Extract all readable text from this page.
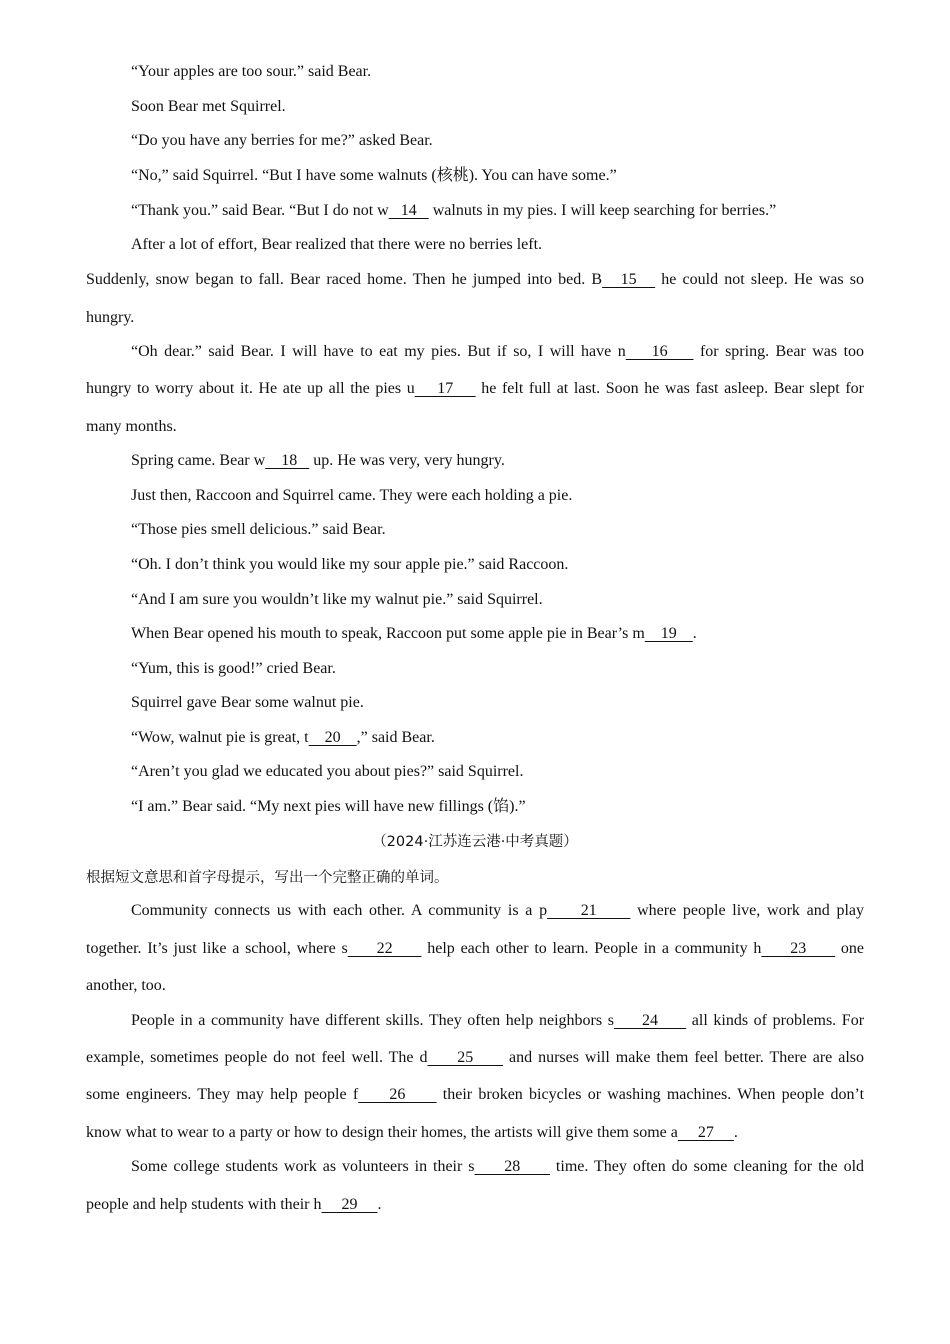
“Your apples are too sour.” said Bear.
Soon Bear met Squirrel.
“Do you have any berries for me?” asked Bear.
“No,” said Squirrel. “But I have some walnuts (核桃). You can have some.”
“Thank you.” said Bear. “But I do not w   14    walnuts in my pies. I will keep searching for berries.”
After a lot of effort, Bear realized that there were no berries left.
Suddenly, snow began to fall. Bear raced home. Then he jumped into bed. B   15    he could not sleep. He was so
hungry.
“Oh dear.” said Bear. I will have to eat my pies. But if so, I will have n    16     for spring. Bear was too
hungry to worry about it. He ate up all the pies u    17     he felt full at last. Soon he was fast asleep. Bear slept for
many months.
Spring came. Bear w    18    up. He was very, very hungry.
Just then, Raccoon and Squirrel came. They were each holding a pie.
“Those pies smell delicious.” said Bear.
“Oh. I don’t think you would like my sour apple pie.” said Raccoon.
“And I am sure you wouldn’t like my walnut pie.” said Squirrel.
When Bear opened his mouth to speak, Raccoon put some apple pie in Bear’s m    19    .
“Yum, this is good!” cried Bear.
Squirrel gave Bear some walnut pie.
“Wow, walnut pie is great, t    20    ,” said Bear.
“Aren’t you glad we educated you about pies?” said Squirrel.
“I am.” Bear said. “My next pies will have new fillings (馅).”
（2024·江苏连云港·中考真题）
根据短文意思和首字母提示，写出一个完整正确的单词。
Community connects us with each other. A community is a p     21      where people live, work and play
together. It’s just like a school, where s     22      help each other to learn. People in a community h     23      one
another, too.
People in a community have different skills. They often help neighbors s     24      all kinds of problems. For
example, sometimes people do not feel well. The d     25      and nurses will make them feel better. There are also
some engineers. They may help people f     26      their broken bicycles or washing machines. When people don’t
know what to wear to a party or how to design their homes, the artists will give them some a     27     .
Some college students work as volunteers in their s     28      time. They often do some cleaning for the old
people and help students with their h     29     .
